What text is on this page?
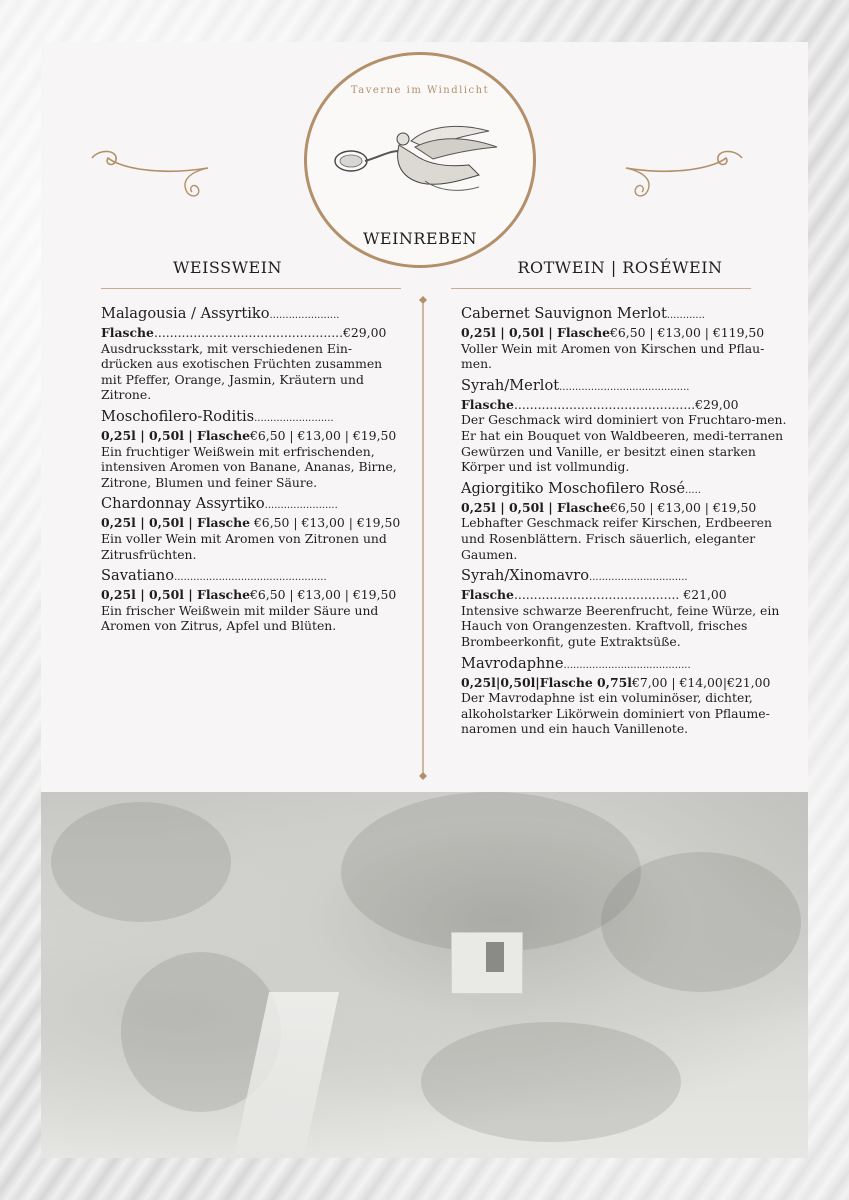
Taverne im Windlicht
WEINREBEN
WEISSWEIN	ROTWEIN | ROSÉWEIN
Malagousia / Assyrtiko......................
Flasche................................................€29,00
Ausdrucksstark, mit verschiedenen Ein-drücken aus exotischen Früchten zusammen mit Pfeffer, Orange, Jasmin, Kräutern und Zitrone.
Moschofilero-Roditis.........................
0,25l | 0,50l | Flasche€6,50 | €13,00 | €19,50
Ein fruchtiger Weißwein mit erfrischenden, intensiven Aromen von Banane, Ananas, Birne, Zitrone, Blumen und feiner Säure.
Chardonnay Assyrtiko.......................
0,25l | 0,50l | Flasche €6,50 | €13,00 | €19,50
Ein voller Wein mit Aromen von Zitronen und Zitrusfrüchten.
Savatiano................................................
0,25l | 0,50l | Flasche€6,50 | €13,00 | €19,50
Ein frischer Weißwein mit milder Säure und Aromen von Zitrus, Apfel und Blüten.
Cabernet Sauvignon Merlot............
0,25l | 0,50l | Flasche€6,50 | €13,00 | €119,50
Voller Wein mit Aromen von Kirschen und Pflau-men.
Syrah/Merlot.........................................
Flasche..............................................€29,00
Der Geschmack wird dominiert von Fruchtaro-men. Er hat ein Bouquet von Waldbeeren, medi-terranen Gewürzen und Vanille, er besitzt einen starken Körper und ist vollmundig.
Agiorgitiko Moschofilero Rosé.....
0,25l | 0,50l | Flasche€6,50 | €13,00 | €19,50
Lebhafter Geschmack reifer Kirschen, Erdbeeren und Rosenblättern. Frisch säuerlich, eleganter Gaumen.
Syrah/Xinomavro...............................
Flasche.......................................... €21,00
Intensive schwarze Beerenfrucht, feine Würze, ein Hauch von Orangenzesten. Kraftvoll, frisches Brombeerkonfit, gute Extraktsüße.
Mavrodaphne........................................
0,25l|0,50l|Flasche 0,75l€7,00 | €14,00|€21,00
Der Mavrodaphne ist ein voluminöser, dichter, alkoholstarker Likörwein dominiert von Pflaume-naromen und ein hauch Vanillenote.
